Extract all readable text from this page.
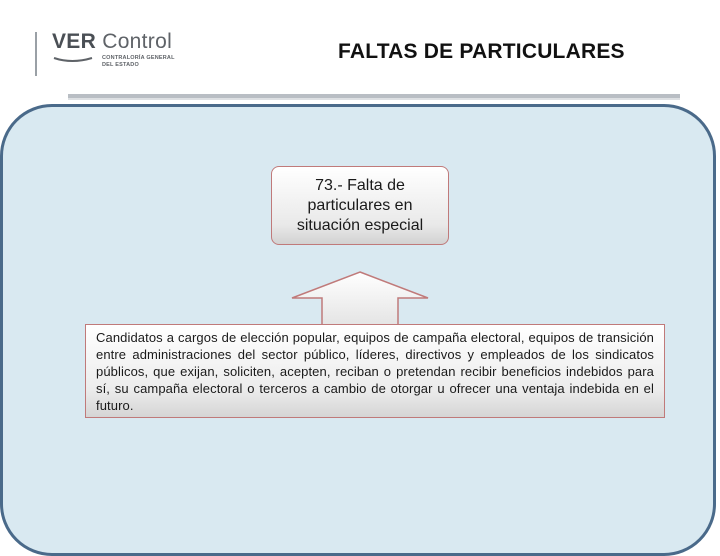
VER Control
CONTRALORÍA GENERAL
DEL ESTADO
FALTAS DE PARTICULARES
73.- Falta de particulares en situación especial
Candidatos a cargos de elección popular, equipos de campaña electoral, equipos de transición entre administraciones del sector público, líderes, directivos y empleados de los sindicatos públicos, que exijan, soliciten, acepten, reciban o pretendan recibir beneficios indebidos para sí, su campaña electoral o terceros a cambio de otorgar u ofrecer una ventaja indebida en el futuro.
